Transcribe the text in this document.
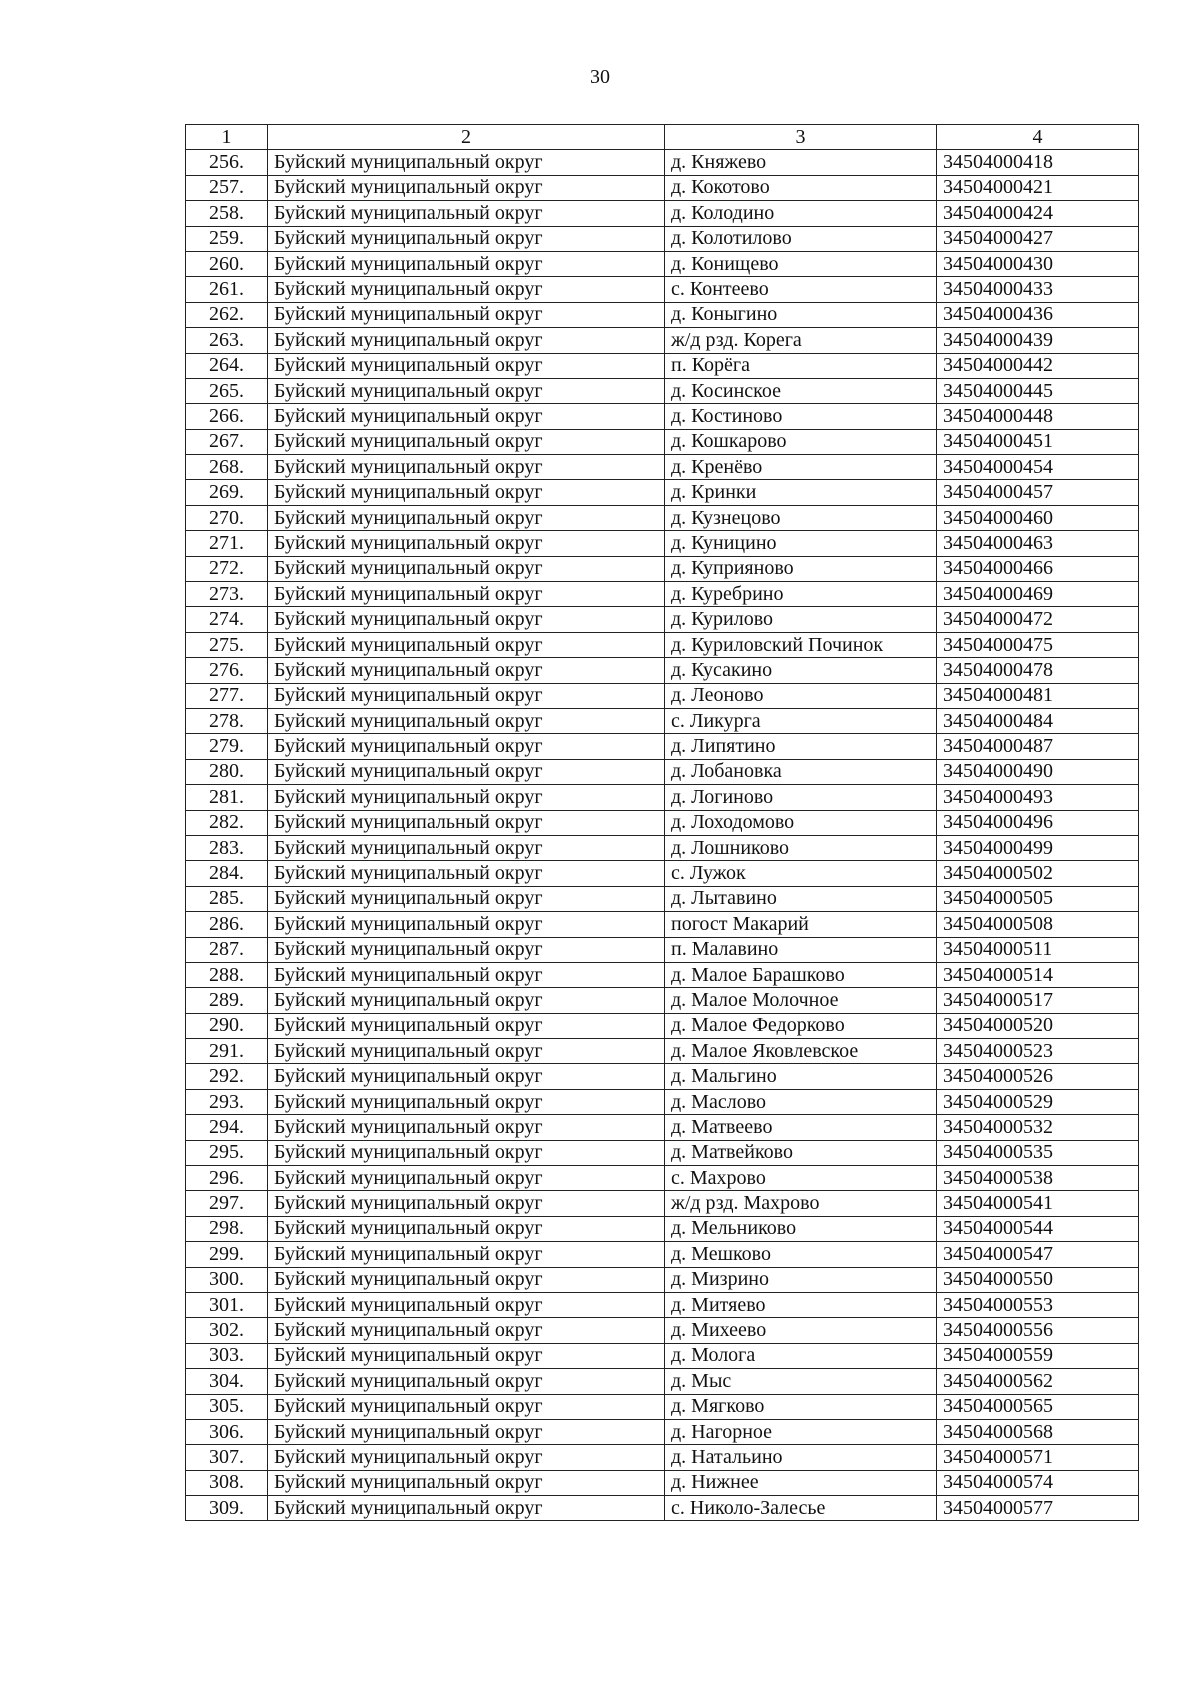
30
1	2	3	4
256.	Буйский муниципальный округ	д. Княжево	34504000418
257.	Буйский муниципальный округ	д. Кокотово	34504000421
258.	Буйский муниципальный округ	д. Колодино	34504000424
259.	Буйский муниципальный округ	д. Колотилово	34504000427
260.	Буйский муниципальный округ	д. Конищево	34504000430
261.	Буйский муниципальный округ	с. Контеево	34504000433
262.	Буйский муниципальный округ	д. Коныгино	34504000436
263.	Буйский муниципальный округ	ж/д рзд. Корега	34504000439
264.	Буйский муниципальный округ	п. Корёга	34504000442
265.	Буйский муниципальный округ	д. Косинское	34504000445
266.	Буйский муниципальный округ	д. Костиново	34504000448
267.	Буйский муниципальный округ	д. Кошкарово	34504000451
268.	Буйский муниципальный округ	д. Кренёво	34504000454
269.	Буйский муниципальный округ	д. Кринки	34504000457
270.	Буйский муниципальный округ	д. Кузнецово	34504000460
271.	Буйский муниципальный округ	д. Куницино	34504000463
272.	Буйский муниципальный округ	д. Куприяново	34504000466
273.	Буйский муниципальный округ	д. Куребрино	34504000469
274.	Буйский муниципальный округ	д. Курилово	34504000472
275.	Буйский муниципальный округ	д. Куриловский Починок	34504000475
276.	Буйский муниципальный округ	д. Кусакино	34504000478
277.	Буйский муниципальный округ	д. Леоново	34504000481
278.	Буйский муниципальный округ	с. Ликурга	34504000484
279.	Буйский муниципальный округ	д. Липятино	34504000487
280.	Буйский муниципальный округ	д. Лобановка	34504000490
281.	Буйский муниципальный округ	д. Логиново	34504000493
282.	Буйский муниципальный округ	д. Лоходомово	34504000496
283.	Буйский муниципальный округ	д. Лошниково	34504000499
284.	Буйский муниципальный округ	с. Лужок	34504000502
285.	Буйский муниципальный округ	д. Лытавино	34504000505
286.	Буйский муниципальный округ	погост Макарий	34504000508
287.	Буйский муниципальный округ	п. Малавино	34504000511
288.	Буйский муниципальный округ	д. Малое Барашково	34504000514
289.	Буйский муниципальный округ	д. Малое Молочное	34504000517
290.	Буйский муниципальный округ	д. Малое Федорково	34504000520
291.	Буйский муниципальный округ	д. Малое Яковлевское	34504000523
292.	Буйский муниципальный округ	д. Мальгино	34504000526
293.	Буйский муниципальный округ	д. Маслово	34504000529
294.	Буйский муниципальный округ	д. Матвеево	34504000532
295.	Буйский муниципальный округ	д. Матвейково	34504000535
296.	Буйский муниципальный округ	с. Махрово	34504000538
297.	Буйский муниципальный округ	ж/д рзд. Махрово	34504000541
298.	Буйский муниципальный округ	д. Мельниково	34504000544
299.	Буйский муниципальный округ	д. Мешково	34504000547
300.	Буйский муниципальный округ	д. Мизрино	34504000550
301.	Буйский муниципальный округ	д. Митяево	34504000553
302.	Буйский муниципальный округ	д. Михеево	34504000556
303.	Буйский муниципальный округ	д. Молога	34504000559
304.	Буйский муниципальный округ	д. Мыс	34504000562
305.	Буйский муниципальный округ	д. Мягково	34504000565
306.	Буйский муниципальный округ	д. Нагорное	34504000568
307.	Буйский муниципальный округ	д. Натальино	34504000571
308.	Буйский муниципальный округ	д. Нижнее	34504000574
309.	Буйский муниципальный округ	с. Николо-Залесье	34504000577
